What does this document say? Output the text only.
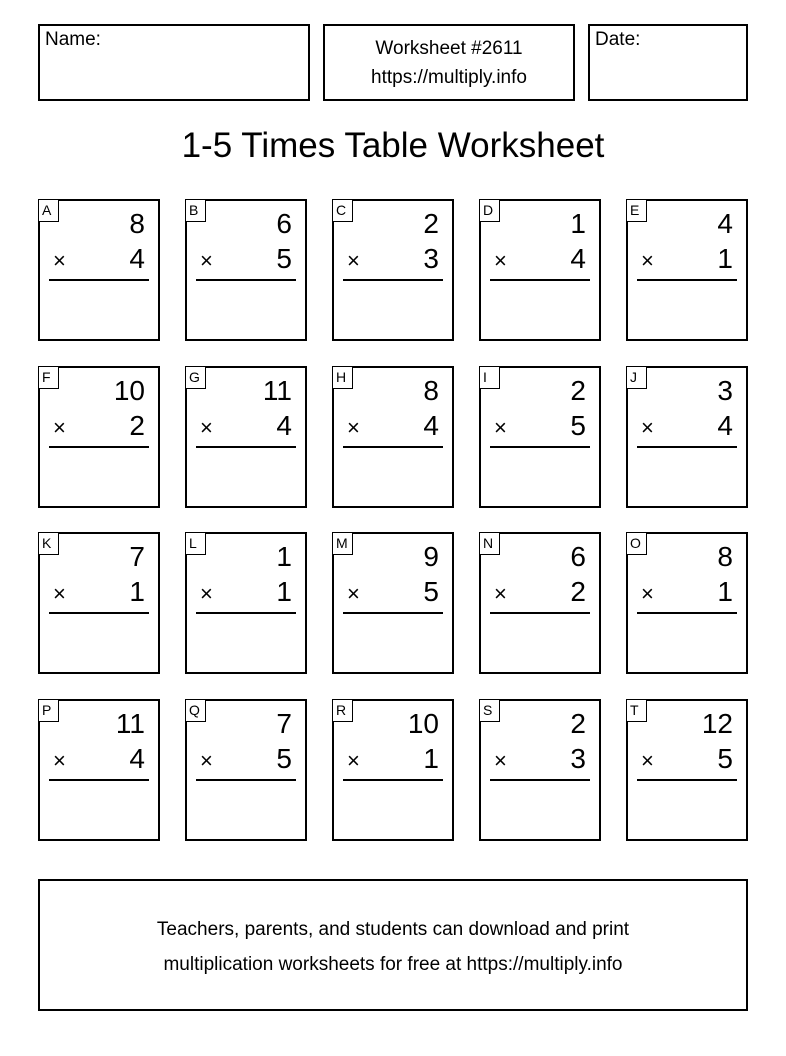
Name:	Worksheet #2611
https://multiply.info
Date:
1-5 Times Table Worksheet
A	8
× 4
B	6
× 5
C	2
× 3
D	1
× 4
E	4
× 1
F	10
× 2
G 11
× 4
H	8
× 4
I	2
× 5
J	3
× 4
K	7
× 1
L	1
× 1
M	9
× 5
N	6
× 2
O	8
× 1
P 11
× 4
Q	7
× 5
R 10
× 1
S	2
× 3
T	12
× 5
Teachers, parents, and students can download and print
multiplication worksheets for free at https://multiply.info
